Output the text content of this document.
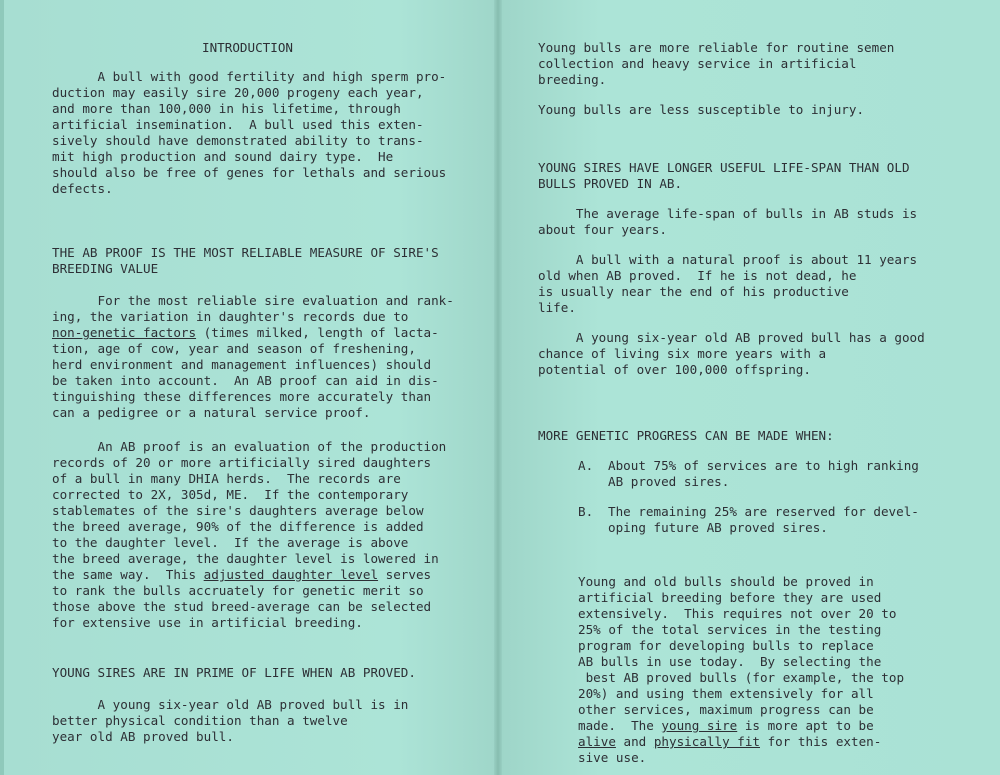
INTRODUCTION

A bull with good fertility and high sperm pro-

duction may easily sire 20,000 progeny each year,

and more than 100,000 in his lifetime, through

artificial insemination.  A bull used this exten-

sively should have demonstrated ability to trans-

mit high production and sound dairy type.  He

should also be free of genes for lethals and serious

defects.

THE AB PROOF IS THE MOST RELIABLE MEASURE OF SIRE'S

BREEDING VALUE

For the most reliable sire evaluation and rank-

ing, the variation in daughter's records due to

non-genetic factors (times milked, length of lacta-

tion, age of cow, year and season of freshening,

herd environment and management influences) should

be taken into account.  An AB proof can aid in dis-

tinguishing these differences more accurately than

can a pedigree or a natural service proof.

An AB proof is an evaluation of the production

records of 20 or more artificially sired daughters

of a bull in many DHIA herds.  The records are

corrected to 2X, 305d, ME.  If the contemporary

stablemates of the sire's daughters average below

the breed average, 90% of the difference is added

to the daughter level.  If the average is above

the breed average, the daughter level is lowered in

the same way.  This adjusted daughter level serves

to rank the bulls accruately for genetic merit so

those above the stud breed-average can be selected

for extensive use in artificial breeding.

YOUNG SIRES ARE IN PRIME OF LIFE WHEN AB PROVED.

A young six-year old AB proved bull is in

better physical condition than a twelve

year old AB proved bull.

Young bulls are more reliable for routine semen

collection and heavy service in artificial

breeding.

Young bulls are less susceptible to injury.

YOUNG SIRES HAVE LONGER USEFUL LIFE-SPAN THAN OLD

BULLS PROVED IN AB.

The average life-span of bulls in AB studs is

about four years.

A bull with a natural proof is about 11 years

old when AB proved.  If he is not dead, he

is usually near the end of his productive

life.

A young six-year old AB proved bull has a good

chance of living six more years with a

potential of over 100,000 offspring.

MORE GENETIC PROGRESS CAN BE MADE WHEN:

A.	About 75% of services are to high ranking

AB proved sires.

B.	The remaining 25% are reserved for devel-

oping future AB proved sires.

Young and old bulls should be proved in

artificial breeding before they are used

extensively.  This requires not over 20 to

25% of the total services in the testing

program for developing bulls to replace

AB bulls in use today.  By selecting the

best AB proved bulls (for example, the top

20%) and using them extensively for all

other services, maximum progress can be

made.  The young sire is more apt to be

alive and physically fit for this exten-

sive use.
